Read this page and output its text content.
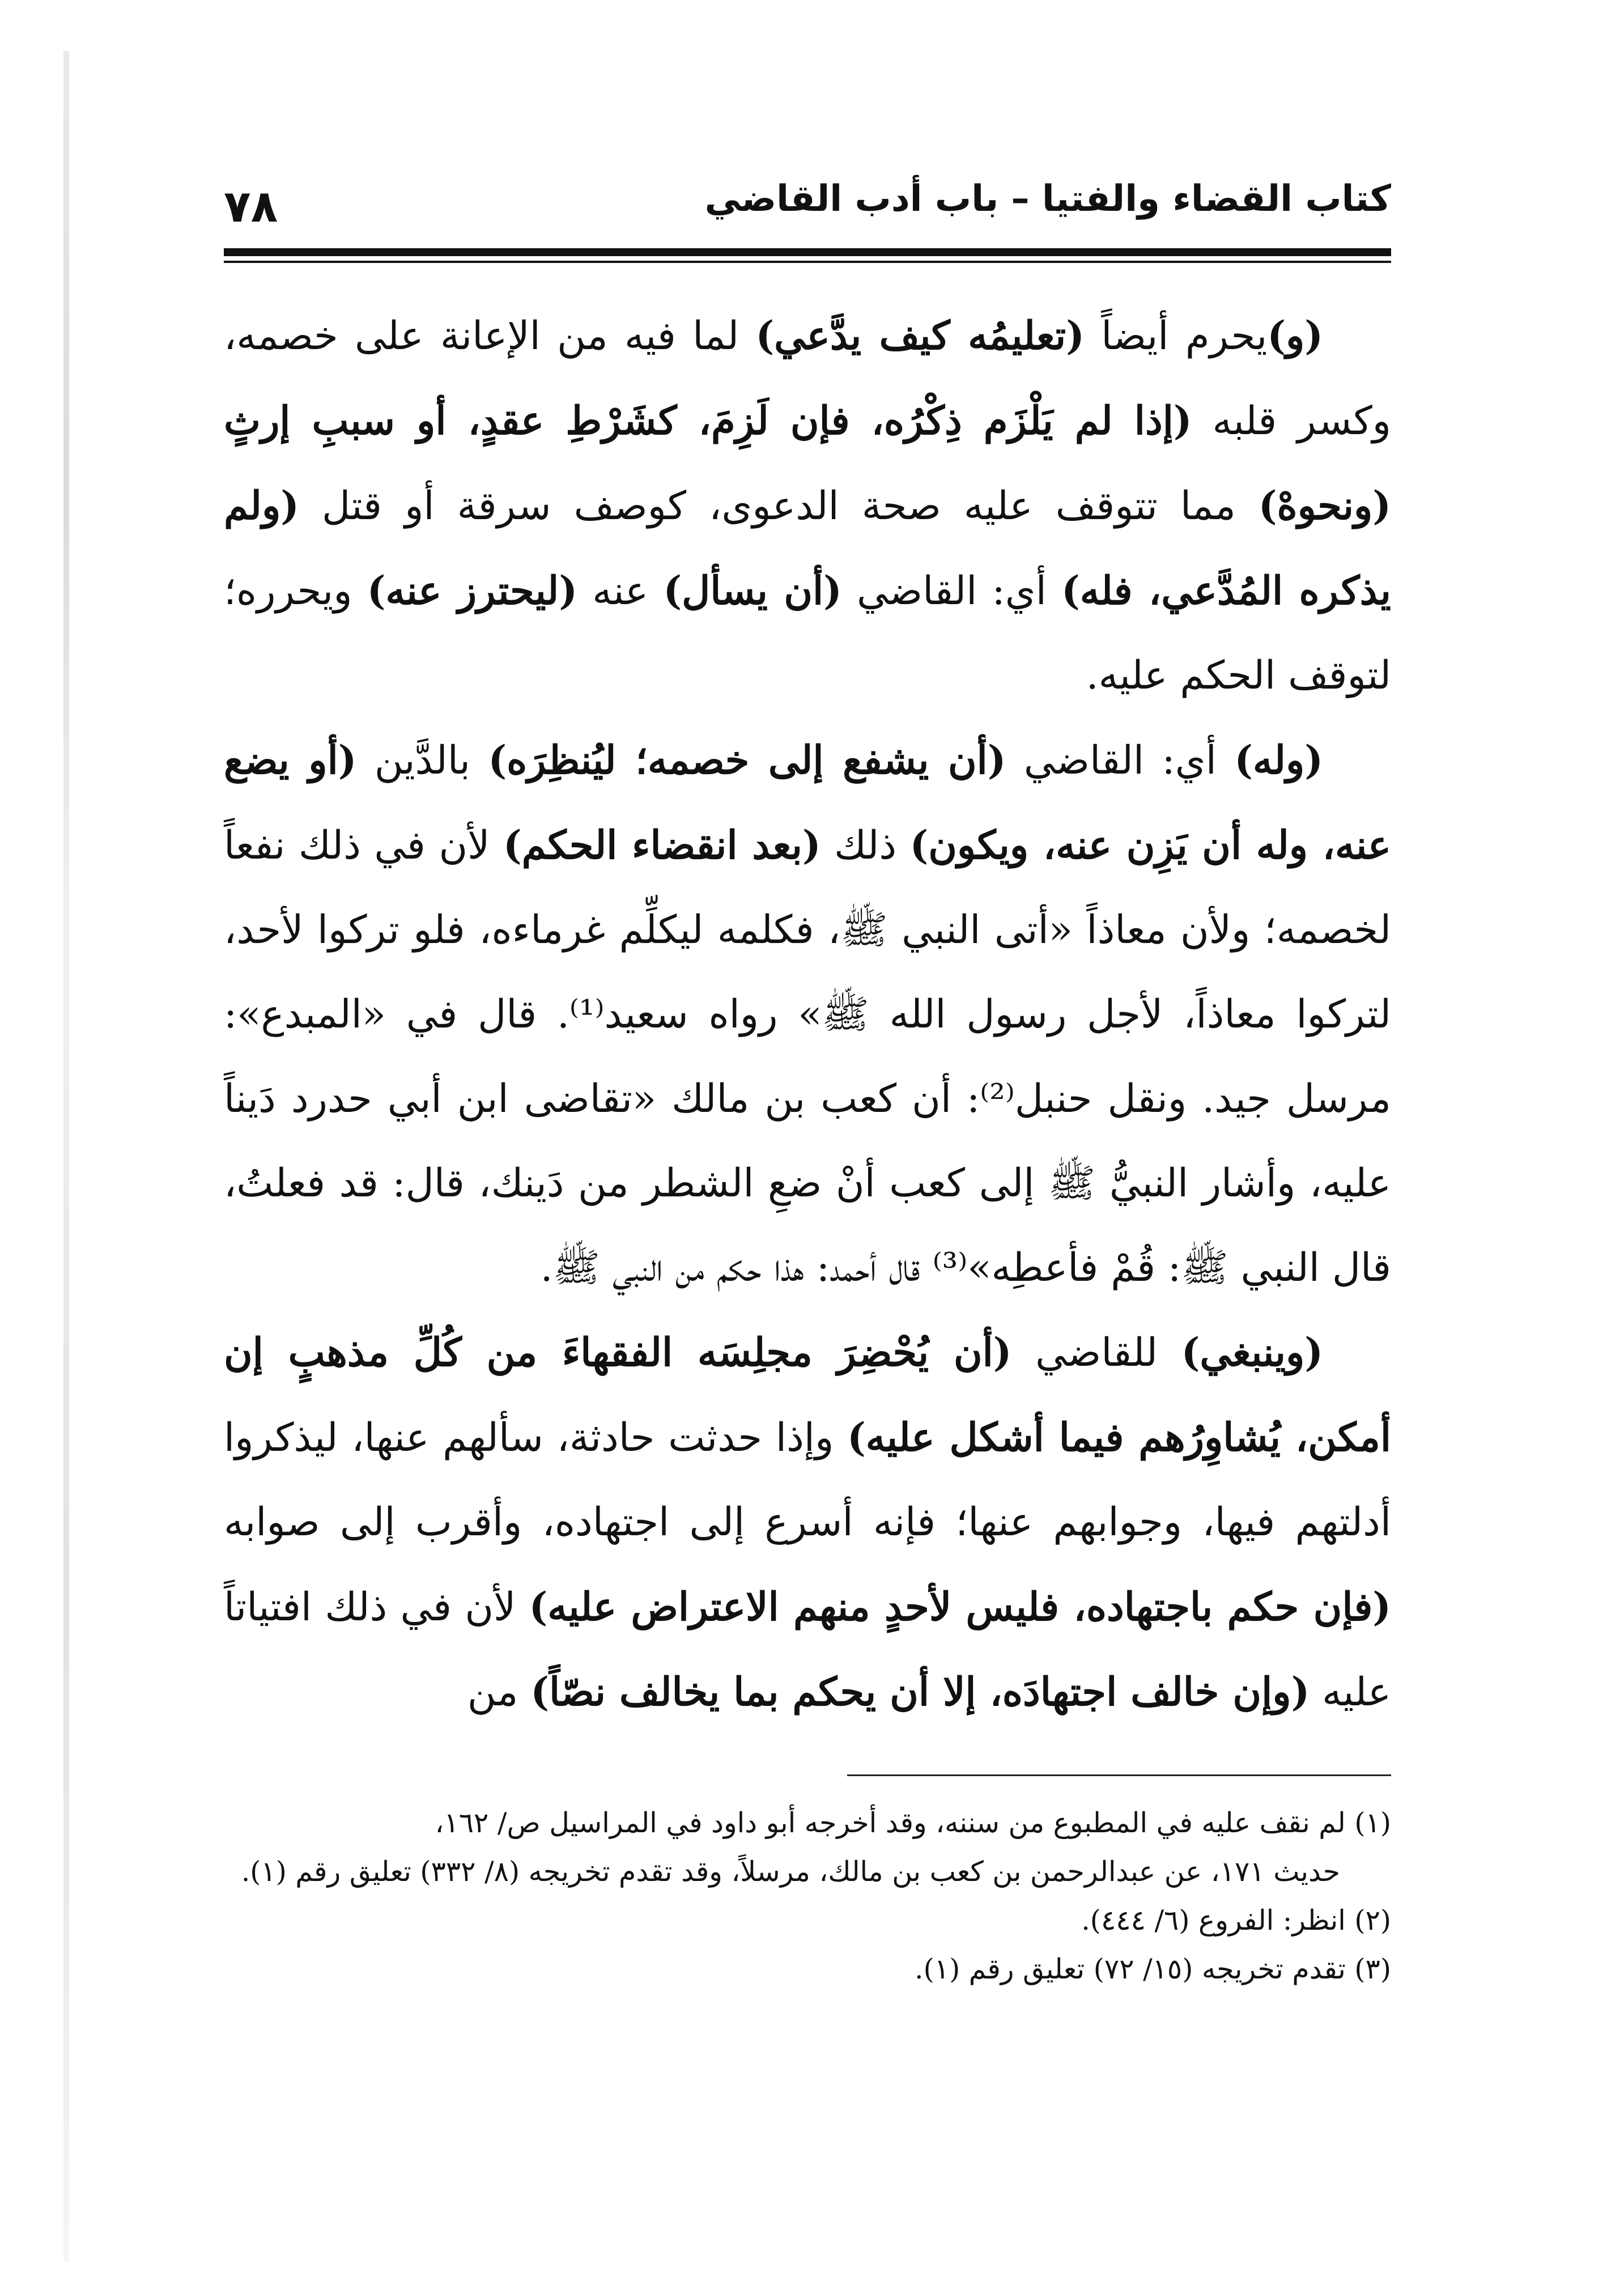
٧٨	كتاب القضاء والفتيا – باب أدب القاضي

(و)يحرم أيضاً (تعليمُه كيف يدَّعي) لما فيه من الإعانة على خصمه، وكسر قلبه (إذا لم يَلْزَم ذِكْرُه، فإن لَزِمَ، كشَرْطِ عقدٍ، أو سببِ إرثٍ (ونحوهْ) مما تتوقف عليه صحة الدعوى، كوصف سرقة أو قتل (ولم يذكره المُدَّعي، فله) أي: القاضي (أن يسأل) عنه (ليحترز عنه) ويحرره؛ لتوقف الحكم عليه.

(وله) أي: القاضي (أن يشفع إلى خصمه؛ ليُنظِرَه) بالدَّين (أو يضع عنه، وله أن يَزِن عنه، ويكون) ذلك (بعد انقضاء الحكم) لأن في ذلك نفعاً لخصمه؛ ولأن معاذاً «أتى النبي ﷺ، فكلمه ليكلِّم غرماءه، فلو تركوا لأحد، لتركوا معاذاً، لأجل رسول الله ﷺ» رواه سعيد⁽¹⁾. قال في «المبدع»: مرسل جيد. ونقل حنبل⁽²⁾: أن كعب بن مالك «تقاضى ابن أبي حدرد دَيناً عليه، وأشار النبيُّ ﷺ إلى كعب أنْ ضعِ الشطر من دَينك، قال: قد فعلتُ، قال النبي ﷺ: قُمْ فأعطِه»⁽³⁾ قال أحمد: هذا حكم من النبي ﷺ.

(وينبغي) للقاضي (أن يُحْضِرَ مجلِسَه الفقهاءَ من كُلِّ مذهبٍ إن أمكن، يُشاوِرُهم فيما أشكل عليه) وإذا حدثت حادثة، سألهم عنها، ليذكروا أدلتهم فيها، وجوابهم عنها؛ فإنه أسرع إلى اجتهاده، وأقرب إلى صوابه (فإن حكم باجتهاده، فليس لأحدٍ منهم الاعتراض عليه) لأن في ذلك افتياتاً عليه (وإن خالف اجتهادَه، إلا أن يحكم بما يخالف نصّاً) من

(١) لم نقف عليه في المطبوع من سننه، وقد أخرجه أبو داود في المراسيل ص/ ١٦٢،

حديث ١٧١، عن عبدالرحمن بن كعب بن مالك، مرسلاً، وقد تقدم تخريجه (٨/ ٣٣٢) تعليق رقم (١).

(٢) انظر: الفروع (٦/ ٤٤٤).

(٣) تقدم تخريجه (١٥/ ٧٢) تعليق رقم (١).
